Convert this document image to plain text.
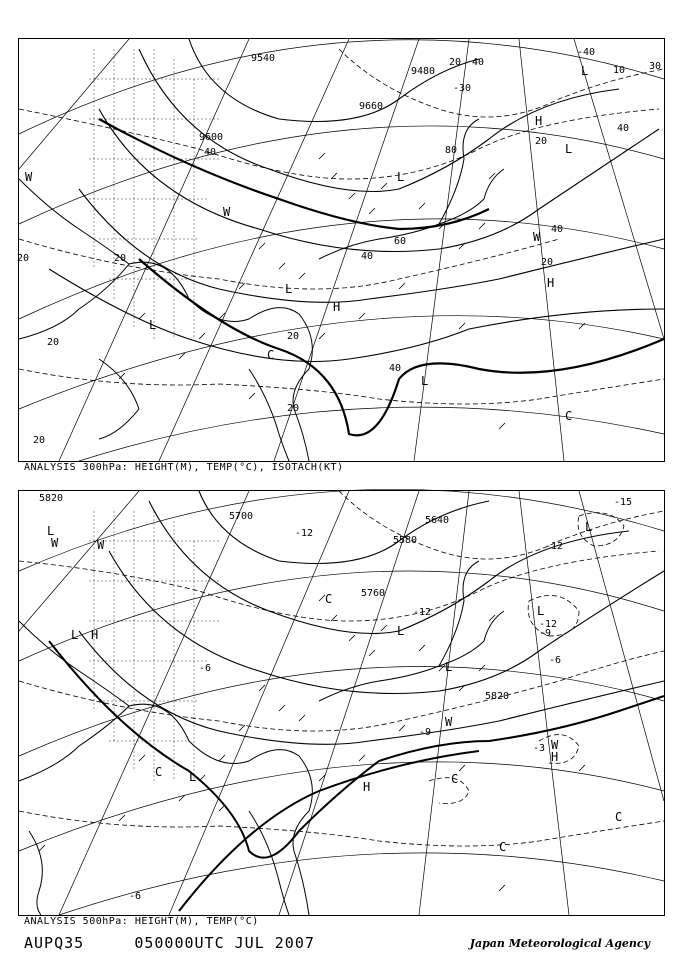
9540
9600
9660
9480
20
20
20
20
20
20
20
20
20
40
40
40
40
40
40
60
80
-40
-30
30
10
L
L
L
L
L
L
H
H
H
W
W
W
C
C
ANALYSIS 300hPa: HEIGHT(M), TEMP(°C), ISOTACH(KT)
5820
5700
5760
5640
5580
5820
-15
-12
-12
-9
-6
-6
-6
-9
-3
-12
-12
L
L
L
L
L
L
L
H
H
H
W	W
W
W
C
C	C
C
C
ANALYSIS 500hPa: HEIGHT(M), TEMP(°C)
AUPQ35	050000UTC JUL 2007	Japan Meteorological Agency
